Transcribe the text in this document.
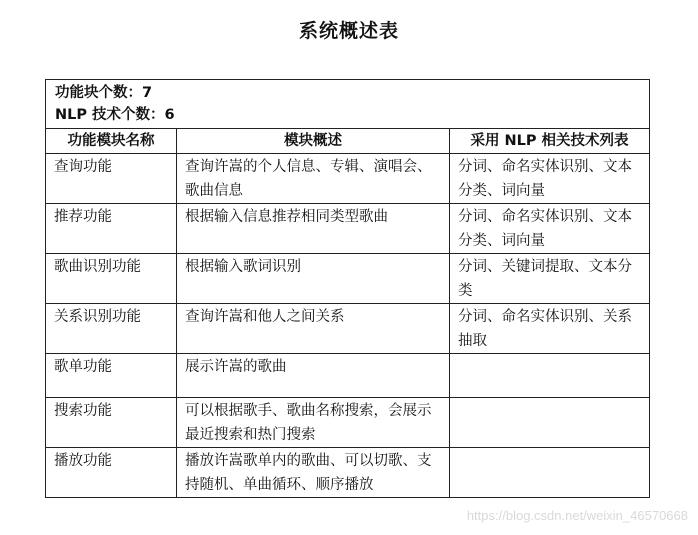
系统概述表
功能块个数：7
NLP 技术个数：6		

功能模块名称	模块概述	采用 NLP 相关技术列表
查询功能	查询许嵩的个人信息、专辑、演唱会、歌曲信息	分词、命名实体识别、文本分类、词向量
推荐功能	根据输入信息推荐相同类型歌曲	分词、命名实体识别、文本分类、词向量
歌曲识别功能	根据输入歌词识别	分词、关键词提取、文本分类
关系识别功能	查询许嵩和他人之间关系	分词、命名实体识别、关系抽取
歌单功能	展示许嵩的歌曲	
搜索功能	可以根据歌手、歌曲名称搜索，会展示最近搜索和热门搜索	
播放功能	播放许嵩歌单内的歌曲、可以切歌、支持随机、单曲循环、顺序播放	
https://blog.csdn.net/weixin_46570668
